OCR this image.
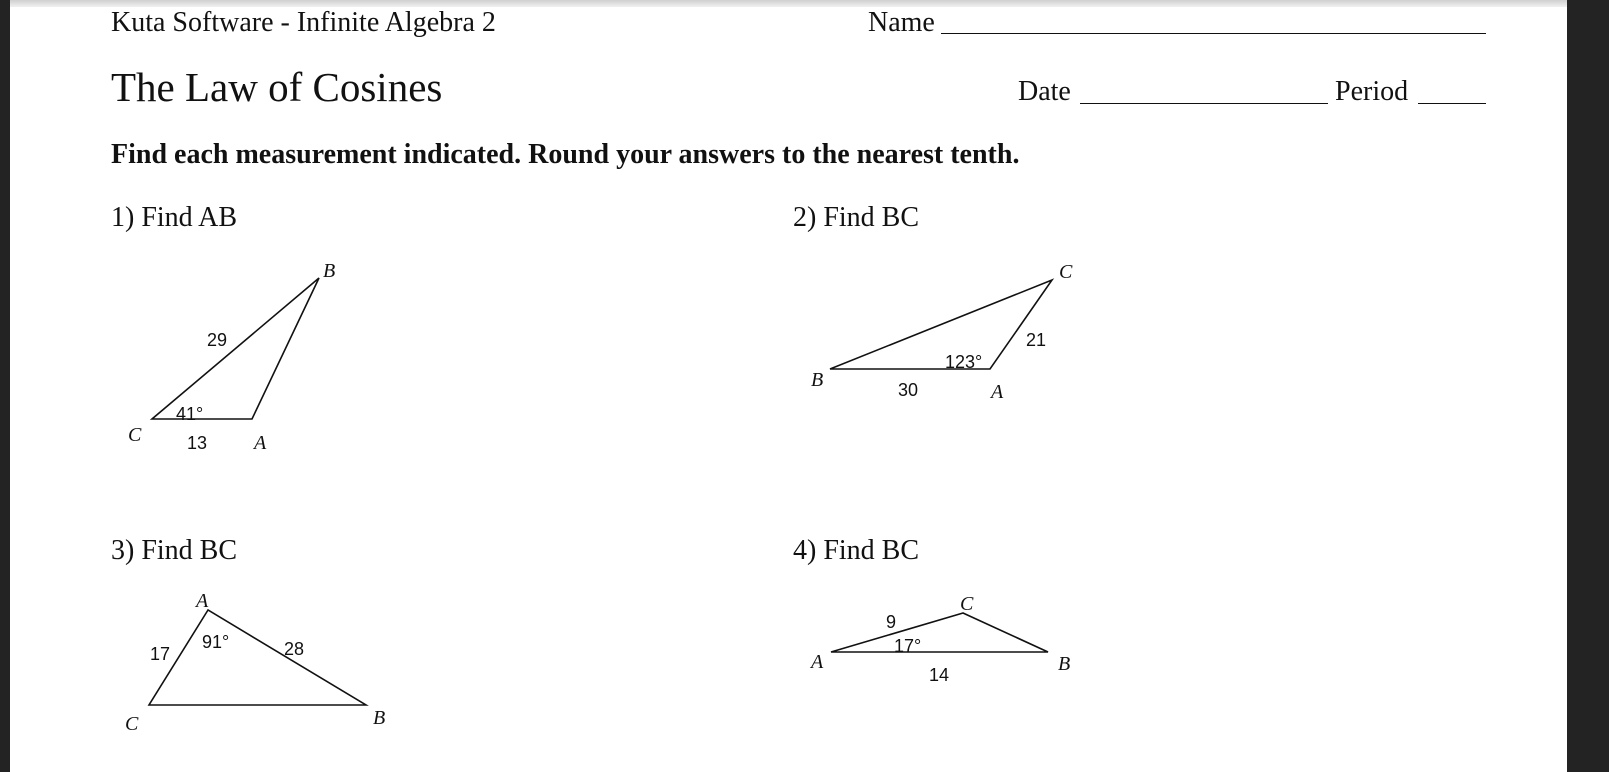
Kuta Software - Infinite Algebra 2	Name
The Law of Cosines	Date	Period
Find each measurement indicated. Round your answers to the nearest tenth.
1) Find AB	2) Find BC
3) Find BC	4) Find BC
B
C	A
29
41°
13
C
B
A
21
123°
30
A
C	B
17
91°	28
C
A	B
9
17°
14
